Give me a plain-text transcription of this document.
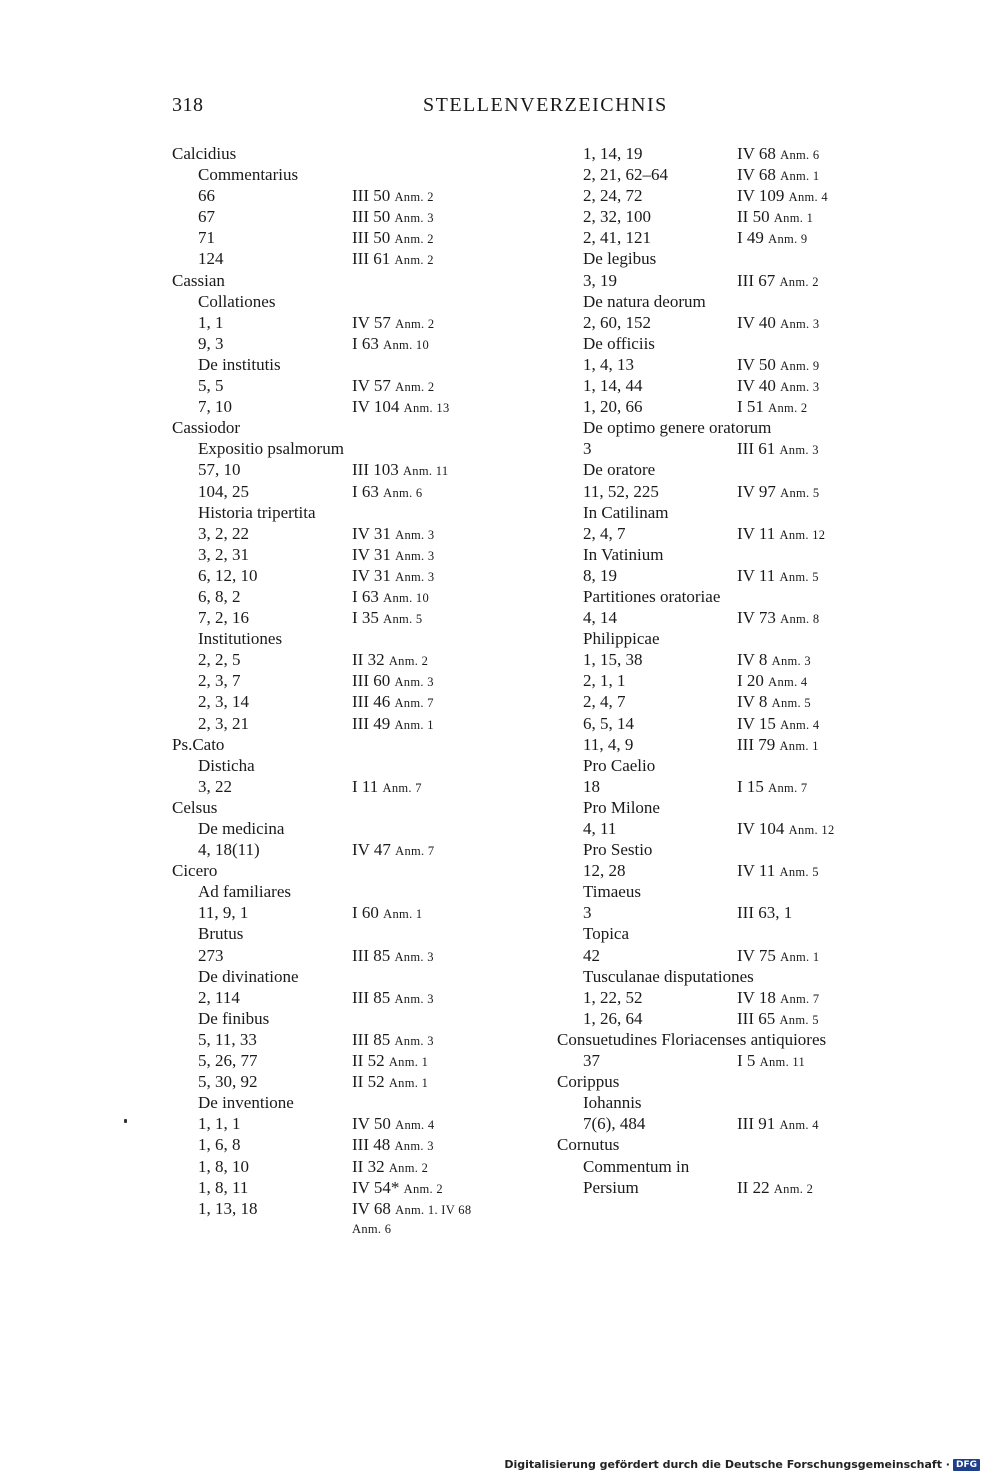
318	STELLENVERZEICHNIS
Calcidius
Commentarius
66	III 50 Anm. 2
67	III 50 Anm. 3
71	III 50 Anm. 2
124	III 61 Anm. 2
Cassian
Collationes
1, 1	IV 57 Anm. 2
9, 3	I 63 Anm. 10
De institutis
5, 5	IV 57 Anm. 2
7, 10	IV 104 Anm. 13
Cassiodor
Expositio psalmorum
57, 10	III 103 Anm. 11
104, 25	I 63 Anm. 6
Historia tripertita
3, 2, 22	IV 31 Anm. 3
3, 2, 31	IV 31 Anm. 3
6, 12, 10	IV 31 Anm. 3
6, 8, 2	I 63 Anm. 10
7, 2, 16	I 35 Anm. 5
Institutiones
2, 2, 5	II 32 Anm. 2
2, 3, 7	III 60 Anm. 3
2, 3, 14	III 46 Anm. 7
2, 3, 21	III 49 Anm. 1
Ps.Cato
Disticha
3, 22	I 11 Anm. 7
Celsus
De medicina
4, 18(11)	IV 47 Anm. 7
Cicero
Ad familiares
11, 9, 1	I 60 Anm. 1
Brutus
273	III 85 Anm. 3
De divinatione
2, 114	III 85 Anm. 3
De finibus
5, 11, 33	III 85 Anm. 3
5, 26, 77	II 52 Anm. 1
5, 30, 92	II 52 Anm. 1
De inventione
1, 1, 1	IV 50 Anm. 4
1, 6, 8	III 48 Anm. 3
1, 8, 10	II 32 Anm. 2
1, 8, 11	IV 54* Anm. 2
1, 13, 18	IV 68 Anm. 1. IV 68
Anm. 6
1, 14, 19	IV 68 Anm. 6
2, 21, 62–64	IV 68 Anm. 1
2, 24, 72	IV 109 Anm. 4
2, 32, 100	II 50 Anm. 1
2, 41, 121	I 49 Anm. 9
De legibus
3, 19	III 67 Anm. 2
De natura deorum
2, 60, 152	IV 40 Anm. 3
De officiis
1, 4, 13	IV 50 Anm. 9
1, 14, 44	IV 40 Anm. 3
1, 20, 66	I 51 Anm. 2
De optimo genere oratorum
3	III 61 Anm. 3
De oratore
11, 52, 225	IV 97 Anm. 5
In Catilinam
2, 4, 7	IV 11 Anm. 12
In Vatinium
8, 19	IV 11 Anm. 5
Partitiones oratoriae
4, 14	IV 73 Anm. 8
Philippicae
1, 15, 38	IV 8 Anm. 3
2, 1, 1	I 20 Anm. 4
2, 4, 7	IV 8 Anm. 5
6, 5, 14	IV 15 Anm. 4
11, 4, 9	III 79 Anm. 1
Pro Caelio
18	I 15 Anm. 7
Pro Milone
4, 11	IV 104 Anm. 12
Pro Sestio
12, 28	IV 11 Anm. 5
Timaeus
3	III 63, 1
Topica
42	IV 75 Anm. 1
Tusculanae disputationes
1, 22, 52	IV 18 Anm. 7
1, 26, 64	III 65 Anm. 5
Consuetudines Floriacenses antiquiores
37	I 5 Anm. 11
Corippus
Iohannis
7(6), 484	III 91 Anm. 4
Cornutus
Commentum in
Persium	II 22 Anm. 2
Digitalisierung gefördert durch die Deutsche Forschungsgemeinschaft · DFG
